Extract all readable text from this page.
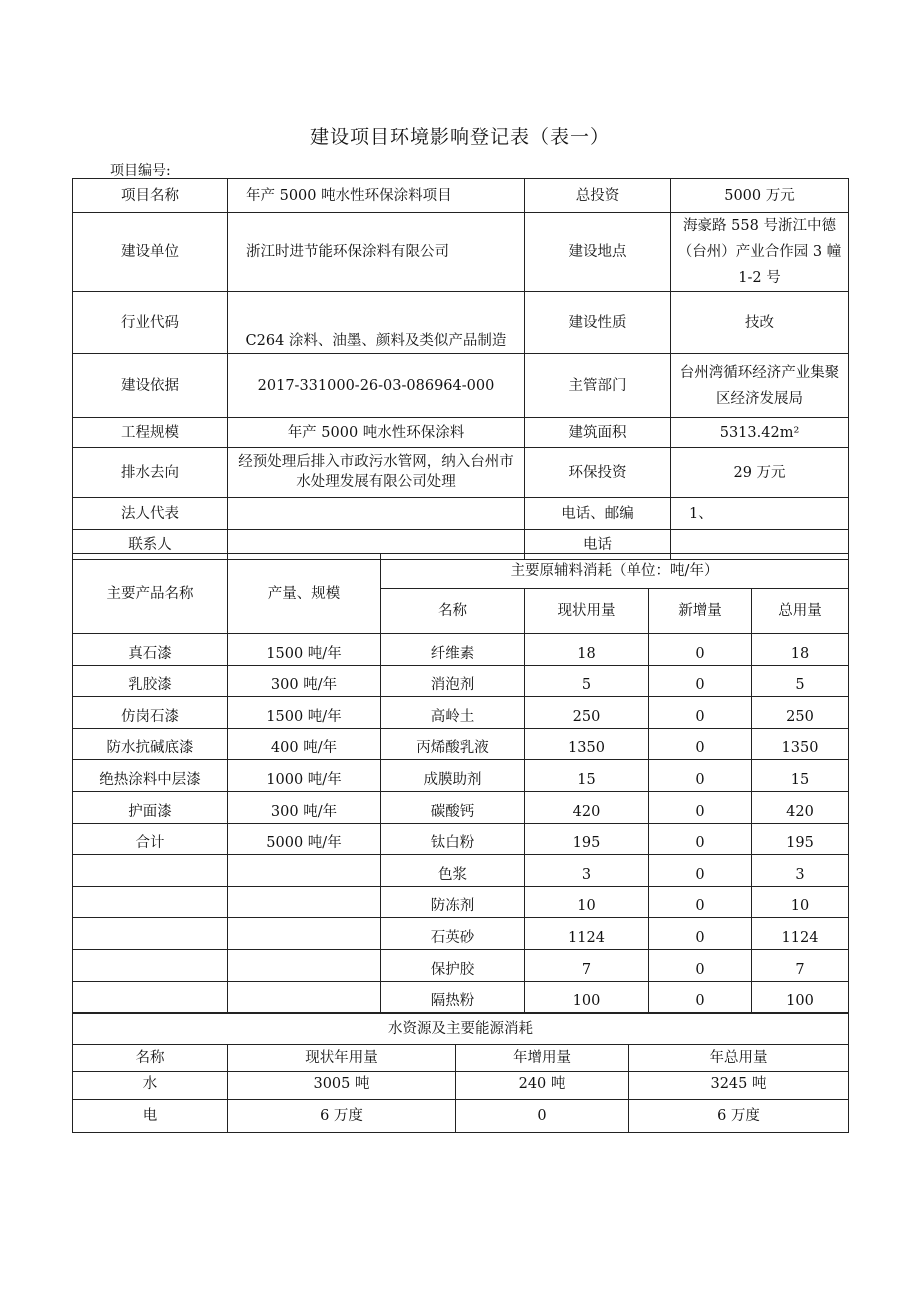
建设项目环境影响登记表（表一）
项目编号:
项目名称	年产 5000 吨水性环保涂料项目	总投资	5000 万元
建设单位	浙江时进节能环保涂料有限公司	建设地点	海豪路 558 号浙江中德（台州）产业合作园 3 幢 1-2 号
行业代码	C264 涂料、油墨、颜料及类似产品制造	建设性质	技改
建设依据	2017-331000-26-03-086964-000	主管部门	台州湾循环经济产业集聚区经济发展局
工程规模	年产 5000 吨水性环保涂料	建筑面积	5313.42m²
排水去向	经预处理后排入市政污水管网，纳入台州市水处理发展有限公司处理	环保投资	29 万元
法人代表		电话、邮编	1、
联系人		电话	
主要产品名称	产量、规模	主要原辅料消耗（单位：吨/年）			
		名称	现状用量	新增量	总用量
真石漆	1500 吨/年	纤维素	18	0	18
乳胶漆	300 吨/年	消泡剂	5	0	5
仿岗石漆	1500 吨/年	高岭土	250	0	250
防水抗碱底漆	400 吨/年	丙烯酸乳液	1350	0	1350
绝热涂料中层漆	1000 吨/年	成膜助剂	15	0	15
护面漆	300 吨/年	碳酸钙	420	0	420
合计	5000 吨/年	钛白粉	195	0	195
		色浆	3	0	3
		防冻剂	10	0	10
		石英砂	1124	0	1124
		保护胶	7	0	7
		隔热粉	100	0	100
水资源及主要能源消耗			
名称	现状年用量	年增用量	年总用量
水	3005 吨	240 吨	3245 吨
电	6 万度	0	6 万度
